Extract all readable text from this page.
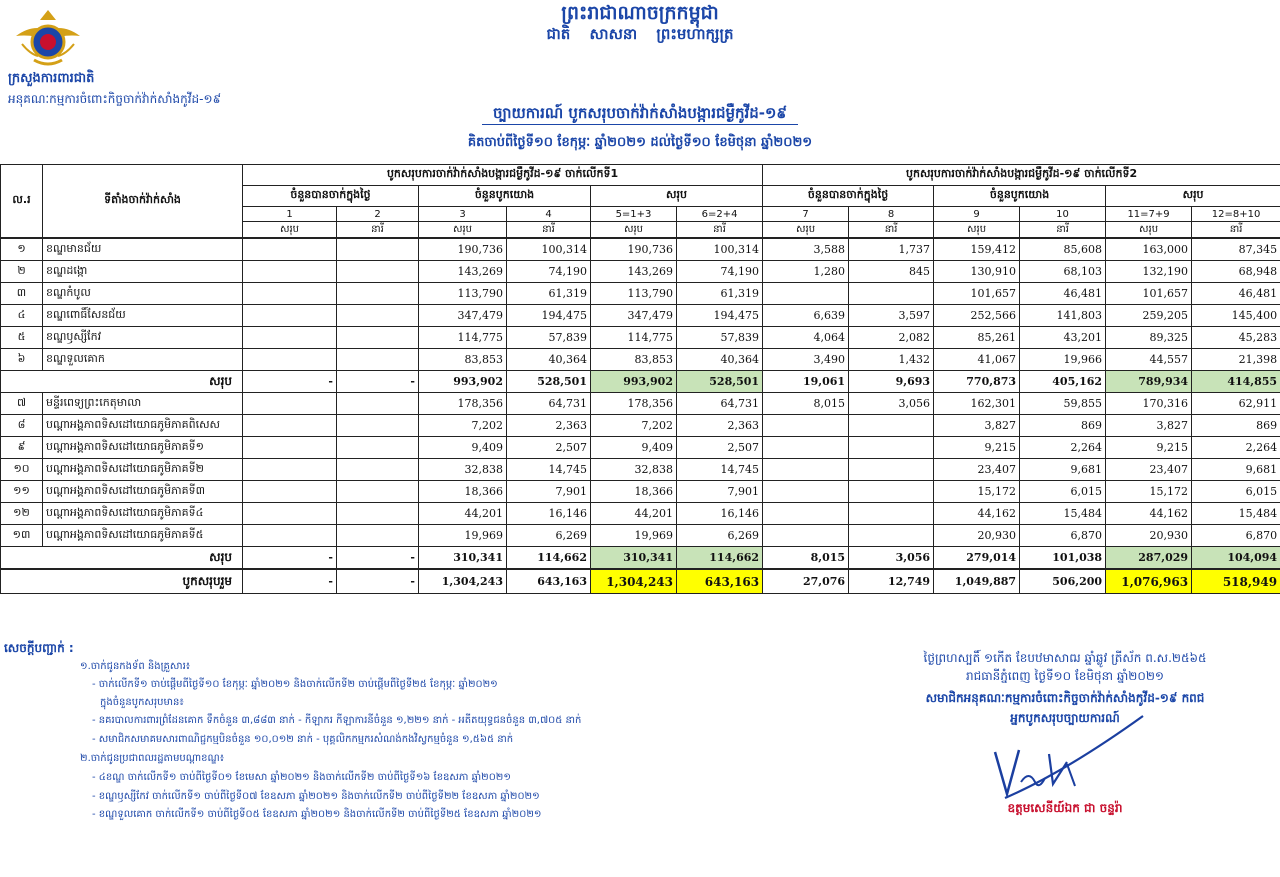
ព្រះរាជាណាចក្រកម្ពុជា
ជាតិ សាសនា ព្រះមហាក្សត្រ
ក្រសួងការពារជាតិ
អនុគណៈកម្មការចំពោះកិច្ចចាក់វ៉ាក់សាំងកូវីដ-១៩
ច្បាយការណ៍ បូកសរុបចាក់វ៉ាក់សាំងបង្ការជម្ងឺកូវីដ-១៩
គិតចាប់ពីថ្ងៃទី១០ ខែកុម្ភៈ ឆ្នាំ២០២១ ដល់ថ្ងៃទី១០ ខែមិថុនា ឆ្នាំ២០២១
ល.រ	ទីតាំងចាក់វ៉ាក់សាំង	បូកសរុបការចាក់វ៉ាក់សាំងបង្ការជម្ងឺកូវីដ-១៩ ចាក់លើកទី1						បូកសរុបការចាក់វ៉ាក់សាំងបង្ការជម្ងឺកូវីដ-១៩ ចាក់លើកទី2					
		ចំនួនបានចាក់ក្នុងថ្ងៃ		ចំនួនបូកយោង		សរុប		ចំនួនបានចាក់ក្នុងថ្ងៃ		ចំនួនបូកយោង		សរុប	
		1	2	3	4	5=1+3	6=2+4	7	8	9	10	11=7+9	12=8+10
		សរុប	នារី	សរុប	នារី	សរុប	នារី	សរុប	នារី	សរុប	នារី	សរុប	នារី
១	ខណ្ឌមានជ័យ			190,736	100,314	190,736	100,314	3,588	1,737	159,412	85,608	163,000	87,345
២	ខណ្ឌដង្កោ			143,269	74,190	143,269	74,190	1,280	845	130,910	68,103	132,190	68,948
៣	ខណ្ឌកំបូល			113,790	61,319	113,790	61,319			101,657	46,481	101,657	46,481
៤	ខណ្ឌពោធិ៍សែនជ័យ			347,479	194,475	347,479	194,475	6,639	3,597	252,566	141,803	259,205	145,400
៥	ខណ្ឌឫស្សីកែវ			114,775	57,839	114,775	57,839	4,064	2,082	85,261	43,201	89,325	45,283
៦	ខណ្ឌទួលគោក			83,853	40,364	83,853	40,364	3,490	1,432	41,067	19,966	44,557	21,398
សរុប		-	-	993,902	528,501	993,902	528,501	19,061	9,693	770,873	405,162	789,934	414,855
៧	មន្ទីរពេទ្យព្រះកេតុមាលា			178,356	64,731	178,356	64,731	8,015	3,056	162,301	59,855	170,316	62,911
៨	បណ្ដាអង្គភាពទិសដៅយោធភូមិភាគពិសេស			7,202	2,363	7,202	2,363			3,827	869	3,827	869
៩	បណ្ដាអង្គភាពទិសដៅយោធភូមិភាគទី១			9,409	2,507	9,409	2,507			9,215	2,264	9,215	2,264
១០	បណ្ដាអង្គភាពទិសដៅយោធភូមិភាគទី២			32,838	14,745	32,838	14,745			23,407	9,681	23,407	9,681
១១	បណ្ដាអង្គភាពទិសដៅយោធភូមិភាគទី៣			18,366	7,901	18,366	7,901			15,172	6,015	15,172	6,015
១២	បណ្ដាអង្គភាពទិសដៅយោធភូមិភាគទី៤			44,201	16,146	44,201	16,146			44,162	15,484	44,162	15,484
១៣	បណ្ដាអង្គភាពទិសដៅយោធភូមិភាគទី៥			19,969	6,269	19,969	6,269			20,930	6,870	20,930	6,870
សរុប		-	-	310,341	114,662	310,341	114,662	8,015	3,056	279,014	101,038	287,029	104,094
បូកសរុបរួម		-	-	1,304,243	643,163	1,304,243	643,163	27,076	12,749	1,049,887	506,200	1,076,963	518,949
សេចក្ដីបញ្ជាក់ :
១.ចាក់ជូនកងទ័ព និងគ្រួសារ៖
- ចាក់លើកទី១ ចាប់ផ្ដើមពីថ្ងៃទី១០ ខែកុម្ភៈ ឆ្នាំ២០២១ និងចាក់លើកទី២ ចាប់ផ្ដើមពីថ្ងៃទី២៥ ខែកុម្ភៈ ឆ្នាំ២០២១
ក្នុងចំនួនបូកសរុបមាន៖
- នគរបាលការពារព្រំដែនគោក ទឹកចំនួន ៣,៨៨៣ នាក់ - កីឡាករ កីឡាការនីចំនួន ១,២២១ នាក់ - អតីតយុទ្ធជនចំនួន ៣,៧០៥ នាក់
- សមាជិកសមាគមសារពាណិជ្ជកម្មបិនចំនួន ១០,០១២ នាក់ - បុគ្គលិកកម្មករសំណង់កងវិស្វកម្មចំនួន ១,៥៦៥ នាក់
២.ចាក់ជូនប្រជាពលរដ្ឋតាមបណ្ដាខណ្ឌ៖
- ៤ខណ្ឌ ចាក់លើកទី១ ចាប់ពីថ្ងៃទី០១ ខែមេសា ឆ្នាំ២០២១ និងចាក់លើកទី២ ចាប់ពីថ្ងៃទី១៦ ខែឧសភា ឆ្នាំ២០២១
- ខណ្ឌឫស្សីកែវ ចាក់លើកទី១ ចាប់ពីថ្ងៃទី០៧ ខែឧសភា ឆ្នាំ២០២១ និងចាក់លើកទី២ ចាប់ពីថ្ងៃទី២២ ខែឧសភា ឆ្នាំ២០២១
- ខណ្ឌទួលគោក ចាក់លើកទី១ ចាប់ពីថ្ងៃទី០៥ ខែឧសភា ឆ្នាំ២០២១ និងចាក់លើកទី២ ចាប់ពីថ្ងៃទី២៥ ខែឧសភា ឆ្នាំ២០២១
ថ្ងៃព្រហស្បតិ៍ ១កើត ខែបឋមាសាឍ ឆ្នាំឆ្លូវ ត្រីស័ក ព.ស.២៥៦៥
រាជធានីភ្នំពេញ ថ្ងៃទី១០ ខែមិថុនា ឆ្នាំ២០២១
សមាជិកអនុគណៈកម្មការចំពោះកិច្ចចាក់វ៉ាក់សាំងកូវីដ-១៩ កពជ
អ្នកបូកសរុបច្បាយការណ៍
ឧត្តមសេនីយ៍ឯក ជា ចន្ទរ៉ា
